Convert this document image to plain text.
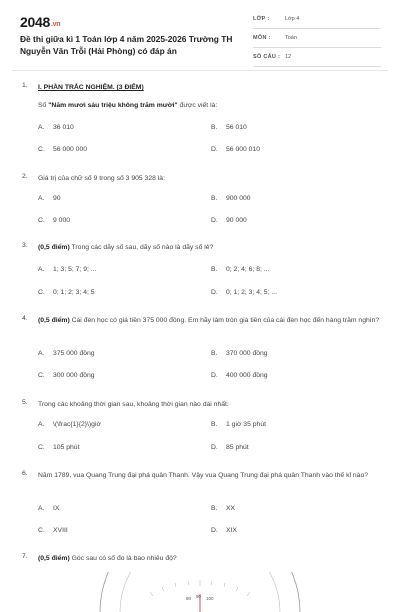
2048.vn
Đề thi giữa kì 1 Toán lớp 4 năm 2025-2026 Trường TH Nguyễn Văn Trỗi (Hải Phòng) có đáp án
LỚP :	Lớp 4
MÔN :	Toán
SỐ CÂU : 12
1. I. PHẦN TRẮC NGHIỆM. (3 ĐIỂM)
Số "Năm mươi sáu triệu không trăm mười" được viết là:
A. 36 010	B. 56 010
C. 56 000 000	D. 56 000 010
2. Giá trị của chữ số 9 trong số 3 905 328 là:
A. 90	B. 900 000
C. 9 000	D. 90 000
3. (0,5 điểm) Trong các dãy số sau, dãy số nào là dãy số lẻ?
A. 1; 3; 5; 7; 9; ...	B. 0; 2; 4; 6; 8; ...
C. 0; 1; 2; 3; 4; 5	D. 0; 1; 2; 3; 4; 5; ...
4. (0,5 điểm) Cái đèn học có giá tiền 375 000 đồng. Em hãy làm tròn giá tiền của cái đèn học đến hàng trăm nghìn?
A. 375 000 đồng	B. 370 000 đồng
C. 300 000 đồng	D. 400 000 đồng
5. Trong các khoảng thời gian sau, khoảng thời gian nào dài nhất:
A. \(\frac{1}{2}\)giờ	B. 1 giờ 35 phút
C. 105 phút	D. 85 phút
6. Năm 1789, vua Quang Trung đại phá quân Thanh. Vậy vua Quang Trung đại phá quân Thanh vào thế kỉ nào?
A. IX	B. XX
C. XVIII	D. XIX
7. (0,5 điểm) Góc sau có số đo là bao nhiêu độ?
80 90 100
